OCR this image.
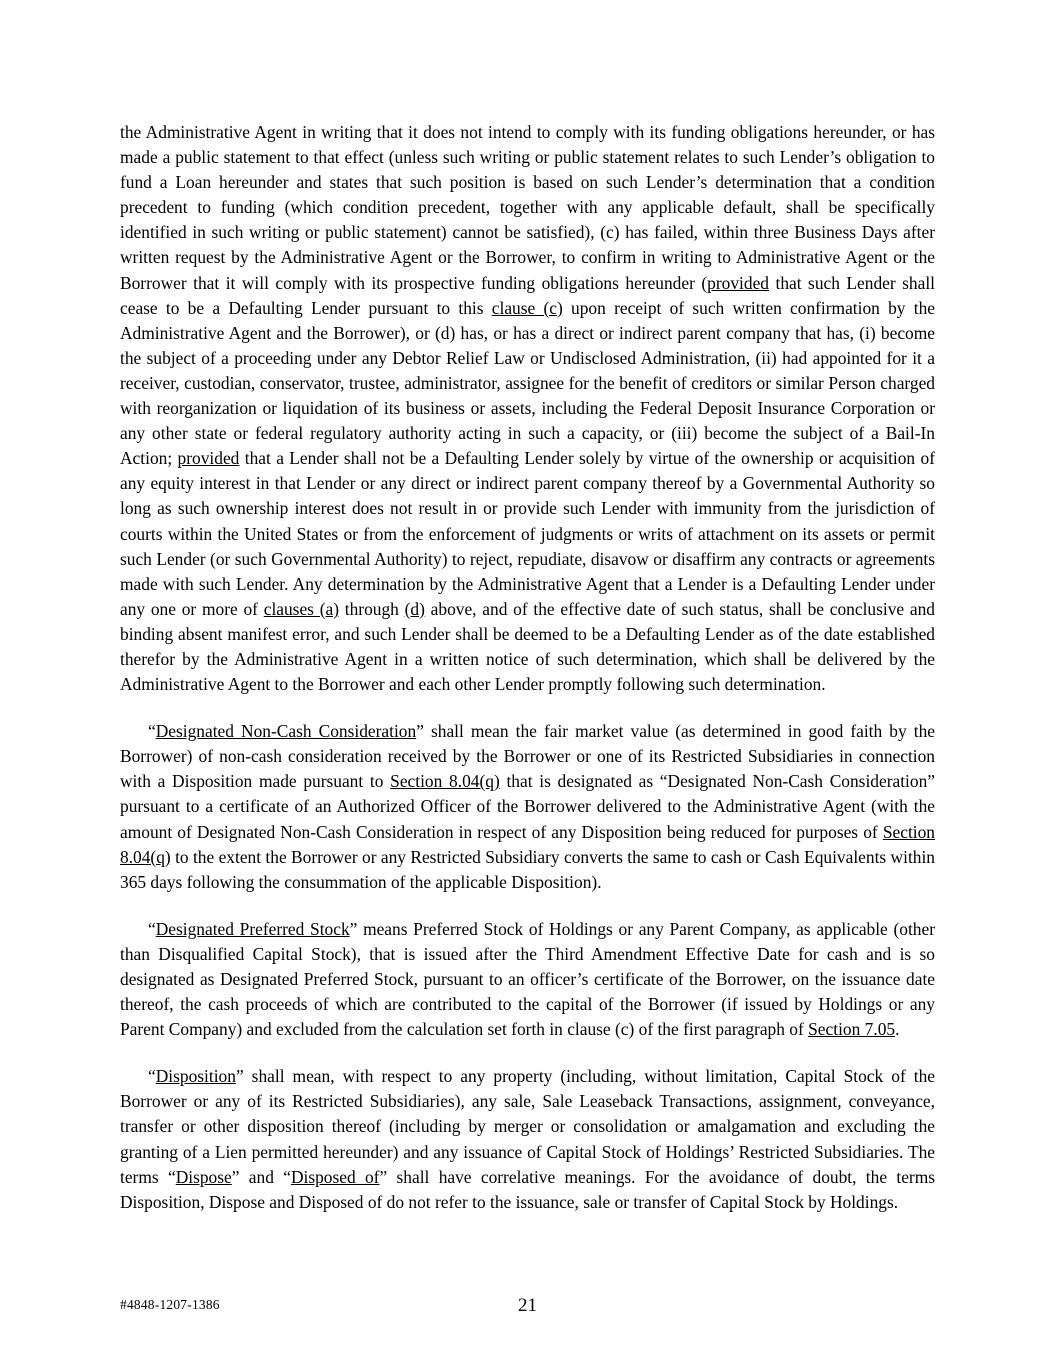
the Administrative Agent in writing that it does not intend to comply with its funding obligations hereunder, or has made a public statement to that effect (unless such writing or public statement relates to such Lender’s obligation to fund a Loan hereunder and states that such position is based on such Lender’s determination that a condition precedent to funding (which condition precedent, together with any applicable default, shall be specifically identified in such writing or public statement) cannot be satisfied), (c) has failed, within three Business Days after written request by the Administrative Agent or the Borrower, to confirm in writing to Administrative Agent or the Borrower that it will comply with its prospective funding obligations hereunder (provided that such Lender shall cease to be a Defaulting Lender pursuant to this clause (c) upon receipt of such written confirmation by the Administrative Agent and the Borrower), or (d) has, or has a direct or indirect parent company that has, (i) become the subject of a proceeding under any Debtor Relief Law or Undisclosed Administration, (ii) had appointed for it a receiver, custodian, conservator, trustee, administrator, assignee for the benefit of creditors or similar Person charged with reorganization or liquidation of its business or assets, including the Federal Deposit Insurance Corporation or any other state or federal regulatory authority acting in such a capacity, or (iii) become the subject of a Bail-In Action; provided that a Lender shall not be a Defaulting Lender solely by virtue of the ownership or acquisition of any equity interest in that Lender or any direct or indirect parent company thereof by a Governmental Authority so long as such ownership interest does not result in or provide such Lender with immunity from the jurisdiction of courts within the United States or from the enforcement of judgments or writs of attachment on its assets or permit such Lender (or such Governmental Authority) to reject, repudiate, disavow or disaffirm any contracts or agreements made with such Lender. Any determination by the Administrative Agent that a Lender is a Defaulting Lender under any one or more of clauses (a) through (d) above, and of the effective date of such status, shall be conclusive and binding absent manifest error, and such Lender shall be deemed to be a Defaulting Lender as of the date established therefor by the Administrative Agent in a written notice of such determination, which shall be delivered by the Administrative Agent to the Borrower and each other Lender promptly following such determination.

“Designated Non-Cash Consideration” shall mean the fair market value (as determined in good faith by the Borrower) of non-cash consideration received by the Borrower or one of its Restricted Subsidiaries in connection with a Disposition made pursuant to Section 8.04(q) that is designated as “Designated Non-Cash Consideration” pursuant to a certificate of an Authorized Officer of the Borrower delivered to the Administrative Agent (with the amount of Designated Non-Cash Consideration in respect of any Disposition being reduced for purposes of Section 8.04(q) to the extent the Borrower or any Restricted Subsidiary converts the same to cash or Cash Equivalents within 365 days following the consummation of the applicable Disposition).

“Designated Preferred Stock” means Preferred Stock of Holdings or any Parent Company, as applicable (other than Disqualified Capital Stock), that is issued after the Third Amendment Effective Date for cash and is so designated as Designated Preferred Stock, pursuant to an officer’s certificate of the Borrower, on the issuance date thereof, the cash proceeds of which are contributed to the capital of the Borrower (if issued by Holdings or any Parent Company) and excluded from the calculation set forth in clause (c) of the first paragraph of Section 7.05.

“Disposition” shall mean, with respect to any property (including, without limitation, Capital Stock of the Borrower or any of its Restricted Subsidiaries), any sale, Sale Leaseback Transactions, assignment, conveyance, transfer or other disposition thereof (including by merger or consolidation or amalgamation and excluding the granting of a Lien permitted hereunder) and any issuance of Capital Stock of Holdings’ Restricted Subsidiaries. The terms “Dispose” and “Disposed of” shall have correlative meanings. For the avoidance of doubt, the terms Disposition, Dispose and Disposed of do not refer to the issuance, sale or transfer of Capital Stock by Holdings.

#4848-1207-1386	21
